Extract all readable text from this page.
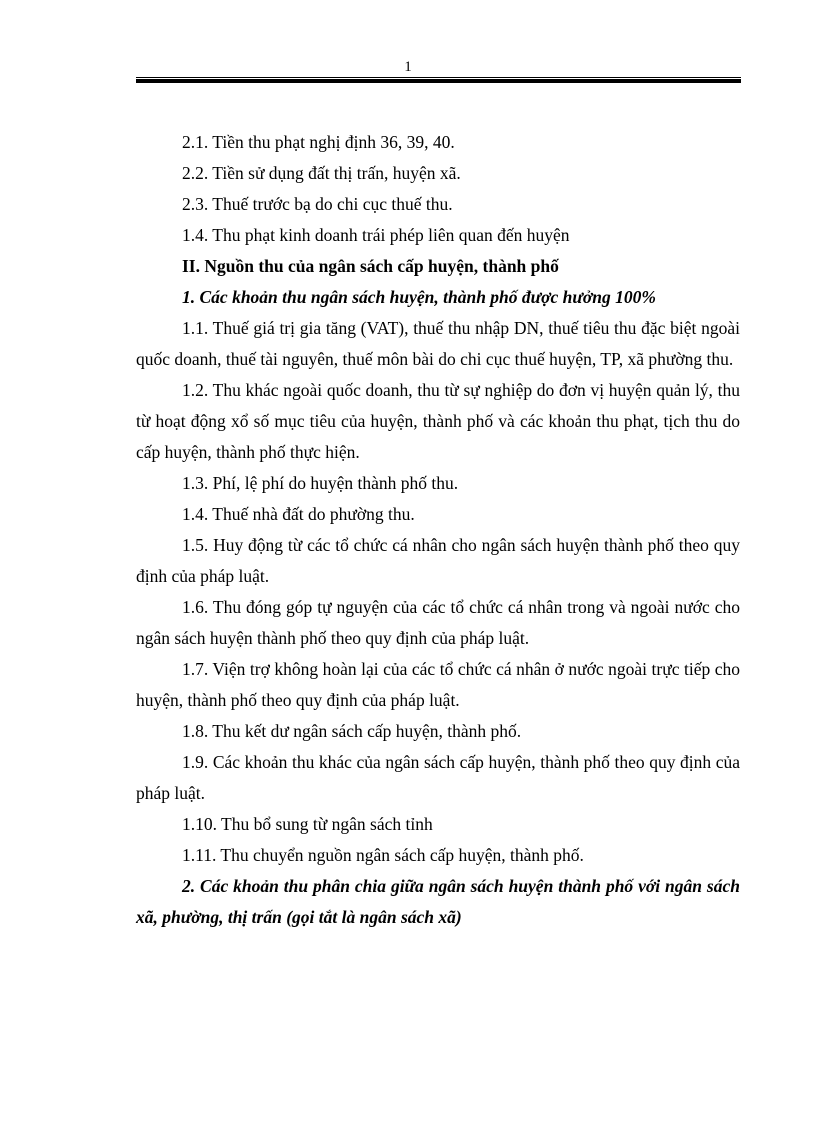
1

2.1. Tiền thu phạt nghị định 36, 39, 40.

2.2. Tiền sử dụng đất thị trấn, huyện xã.

2.3. Thuế trước bạ do chi cục thuế thu.

1.4. Thu phạt kinh doanh trái phép liên quan đến huyện

II. Nguồn thu của ngân sách cấp huyện, thành phố

1. Các khoản thu ngân sách huyện, thành phố được hưởng 100%

1.1. Thuế giá trị gia tăng (VAT), thuế thu nhập DN, thuế tiêu thu đặc biệt ngoài quốc doanh, thuế tài nguyên, thuế môn bài do chi cục thuế huyện, TP, xã phường thu.

1.2. Thu khác ngoài quốc doanh, thu từ sự nghiệp do đơn vị huyện quản lý, thu từ hoạt động xổ số mục tiêu của huyện, thành phố và các khoản thu phạt, tịch thu do cấp huyện, thành phố thực hiện.

1.3. Phí, lệ phí do huyện thành phố thu.

1.4. Thuế nhà đất do phường thu.

1.5. Huy động từ các tổ chức cá nhân cho ngân sách huyện thành phố theo quy định của pháp luật.

1.6. Thu đóng góp tự nguyện của các tổ chức cá nhân trong và ngoài nước cho ngân sách huyện thành phố theo quy định của pháp luật.

1.7. Viện trợ không hoàn lại của các tổ chức cá nhân ở nước ngoài trực tiếp cho huyện, thành phố theo quy định của pháp luật.

1.8. Thu kết dư ngân sách cấp huyện, thành phố.

1.9. Các khoản thu khác của ngân sách cấp huyện, thành phố theo quy định của pháp luật.

1.10. Thu bổ sung từ ngân sách tỉnh

1.11. Thu chuyển nguồn ngân sách cấp huyện, thành phố.

2. Các khoản thu phân chia giữa ngân sách huyện thành phố với ngân sách xã, phường, thị trấn (gọi tắt là ngân sách xã)
